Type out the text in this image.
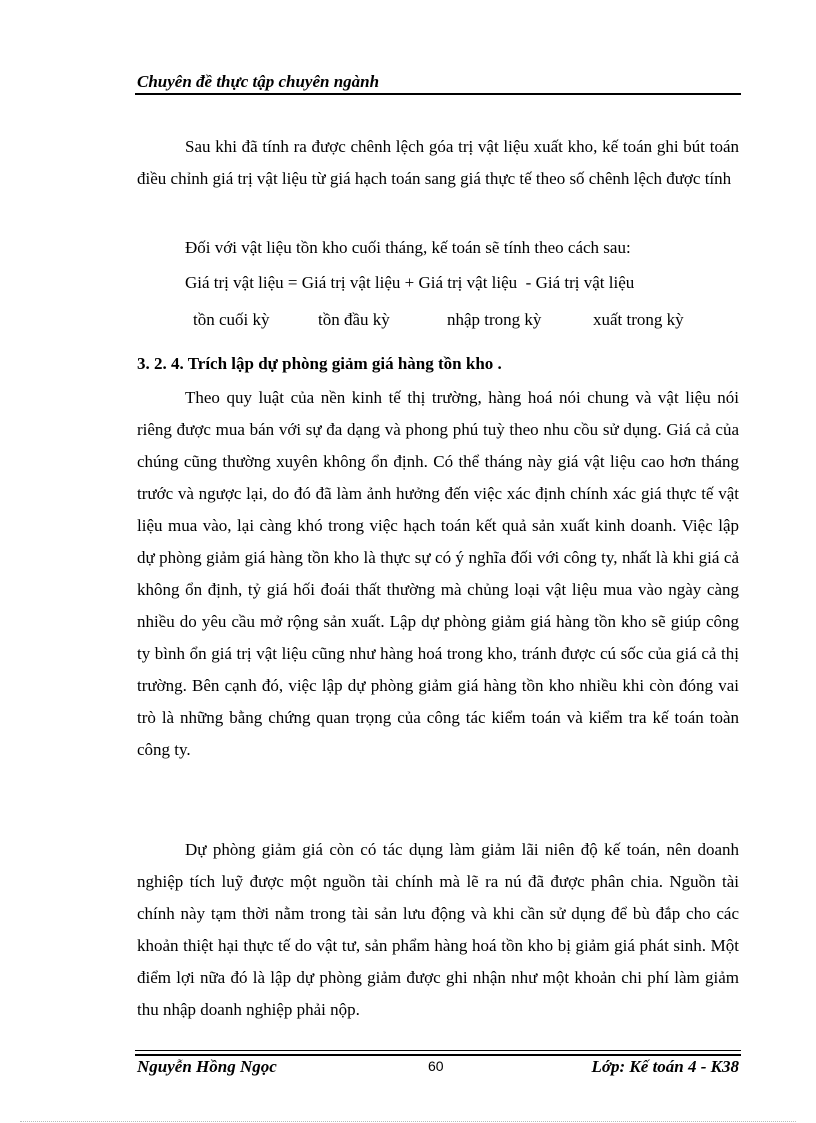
Chuyên đề thực tập chuyên ngành

Sau khi đã tính ra được chênh lệch góa trị vật liệu xuất kho, kế toán ghi bút toán điều chỉnh giá trị vật liệu từ giá hạch toán sang giá thực tế theo số chênh lệch được tính

Đối với vật liệu tồn kho cuối tháng, kế toán sẽ tính theo cách sau:

Giá trị vật liệu = Giá trị vật liệu + Giá trị vật liệu  - Giá trị vật liệu
tồn cuối kỳ	tồn đầu kỳ	nhập trong kỳ	xuất trong kỳ
3. 2. 4. Trích lập dự phòng giảm giá hàng tồn kho .

Theo quy luật của nền kinh tế thị trường, hàng hoá nói chung và vật liệu nói riêng được mua bán với sự đa dạng và phong phú tuỳ theo nhu cồu sử dụng. Giá cả của chúng cũng thường xuyên không ổn định. Có thể tháng này giá vật liệu cao hơn tháng trước và ngược lại, do đó đã làm ảnh hưởng đến việc xác định chính xác giá thực tế vật liệu mua vào, lại càng khó trong việc hạch toán kết quả sản xuất kinh doanh. Việc lập dự phòng giảm giá hàng tồn kho là thực sự có ý nghĩa đối với công ty, nhất là khi giá cả không ổn định, tỷ giá hối đoái thất thường mà chủng loại vật liệu mua vào ngày càng nhiều do yêu cầu mở rộng sản xuất. Lập dự phòng giảm giá hàng tồn kho sẽ giúp công ty bình ổn giá trị vật liệu cũng như hàng hoá trong kho, tránh được cú sốc của giá cả thị trường. Bên cạnh đó, việc lập dự phòng giảm giá hàng tồn kho nhiều khi còn đóng vai trò là những bằng chứng quan trọng của công tác kiểm toán và kiểm tra kế toán toàn công ty.

Dự phòng giảm giá còn có tác dụng làm giảm lãi niên độ kế toán, nên doanh nghiệp tích luỹ được một nguồn tài chính mà lẽ ra nú đã được phân chia. Nguồn tài chính này tạm thời nằm trong tài sản lưu động và khi cần sử dụng để bù đắp cho các khoản thiệt hại thực tế do vật tư, sản phẩm hàng hoá tồn kho bị giảm giá phát sinh. Một điểm lợi nữa đó là lập dự phòng giảm được ghi nhận như một khoản chi phí làm giảm thu nhập doanh nghiệp phải nộp.

Nguyễn Hồng Ngọc	60	Lớp: Kế toán 4 - K38
